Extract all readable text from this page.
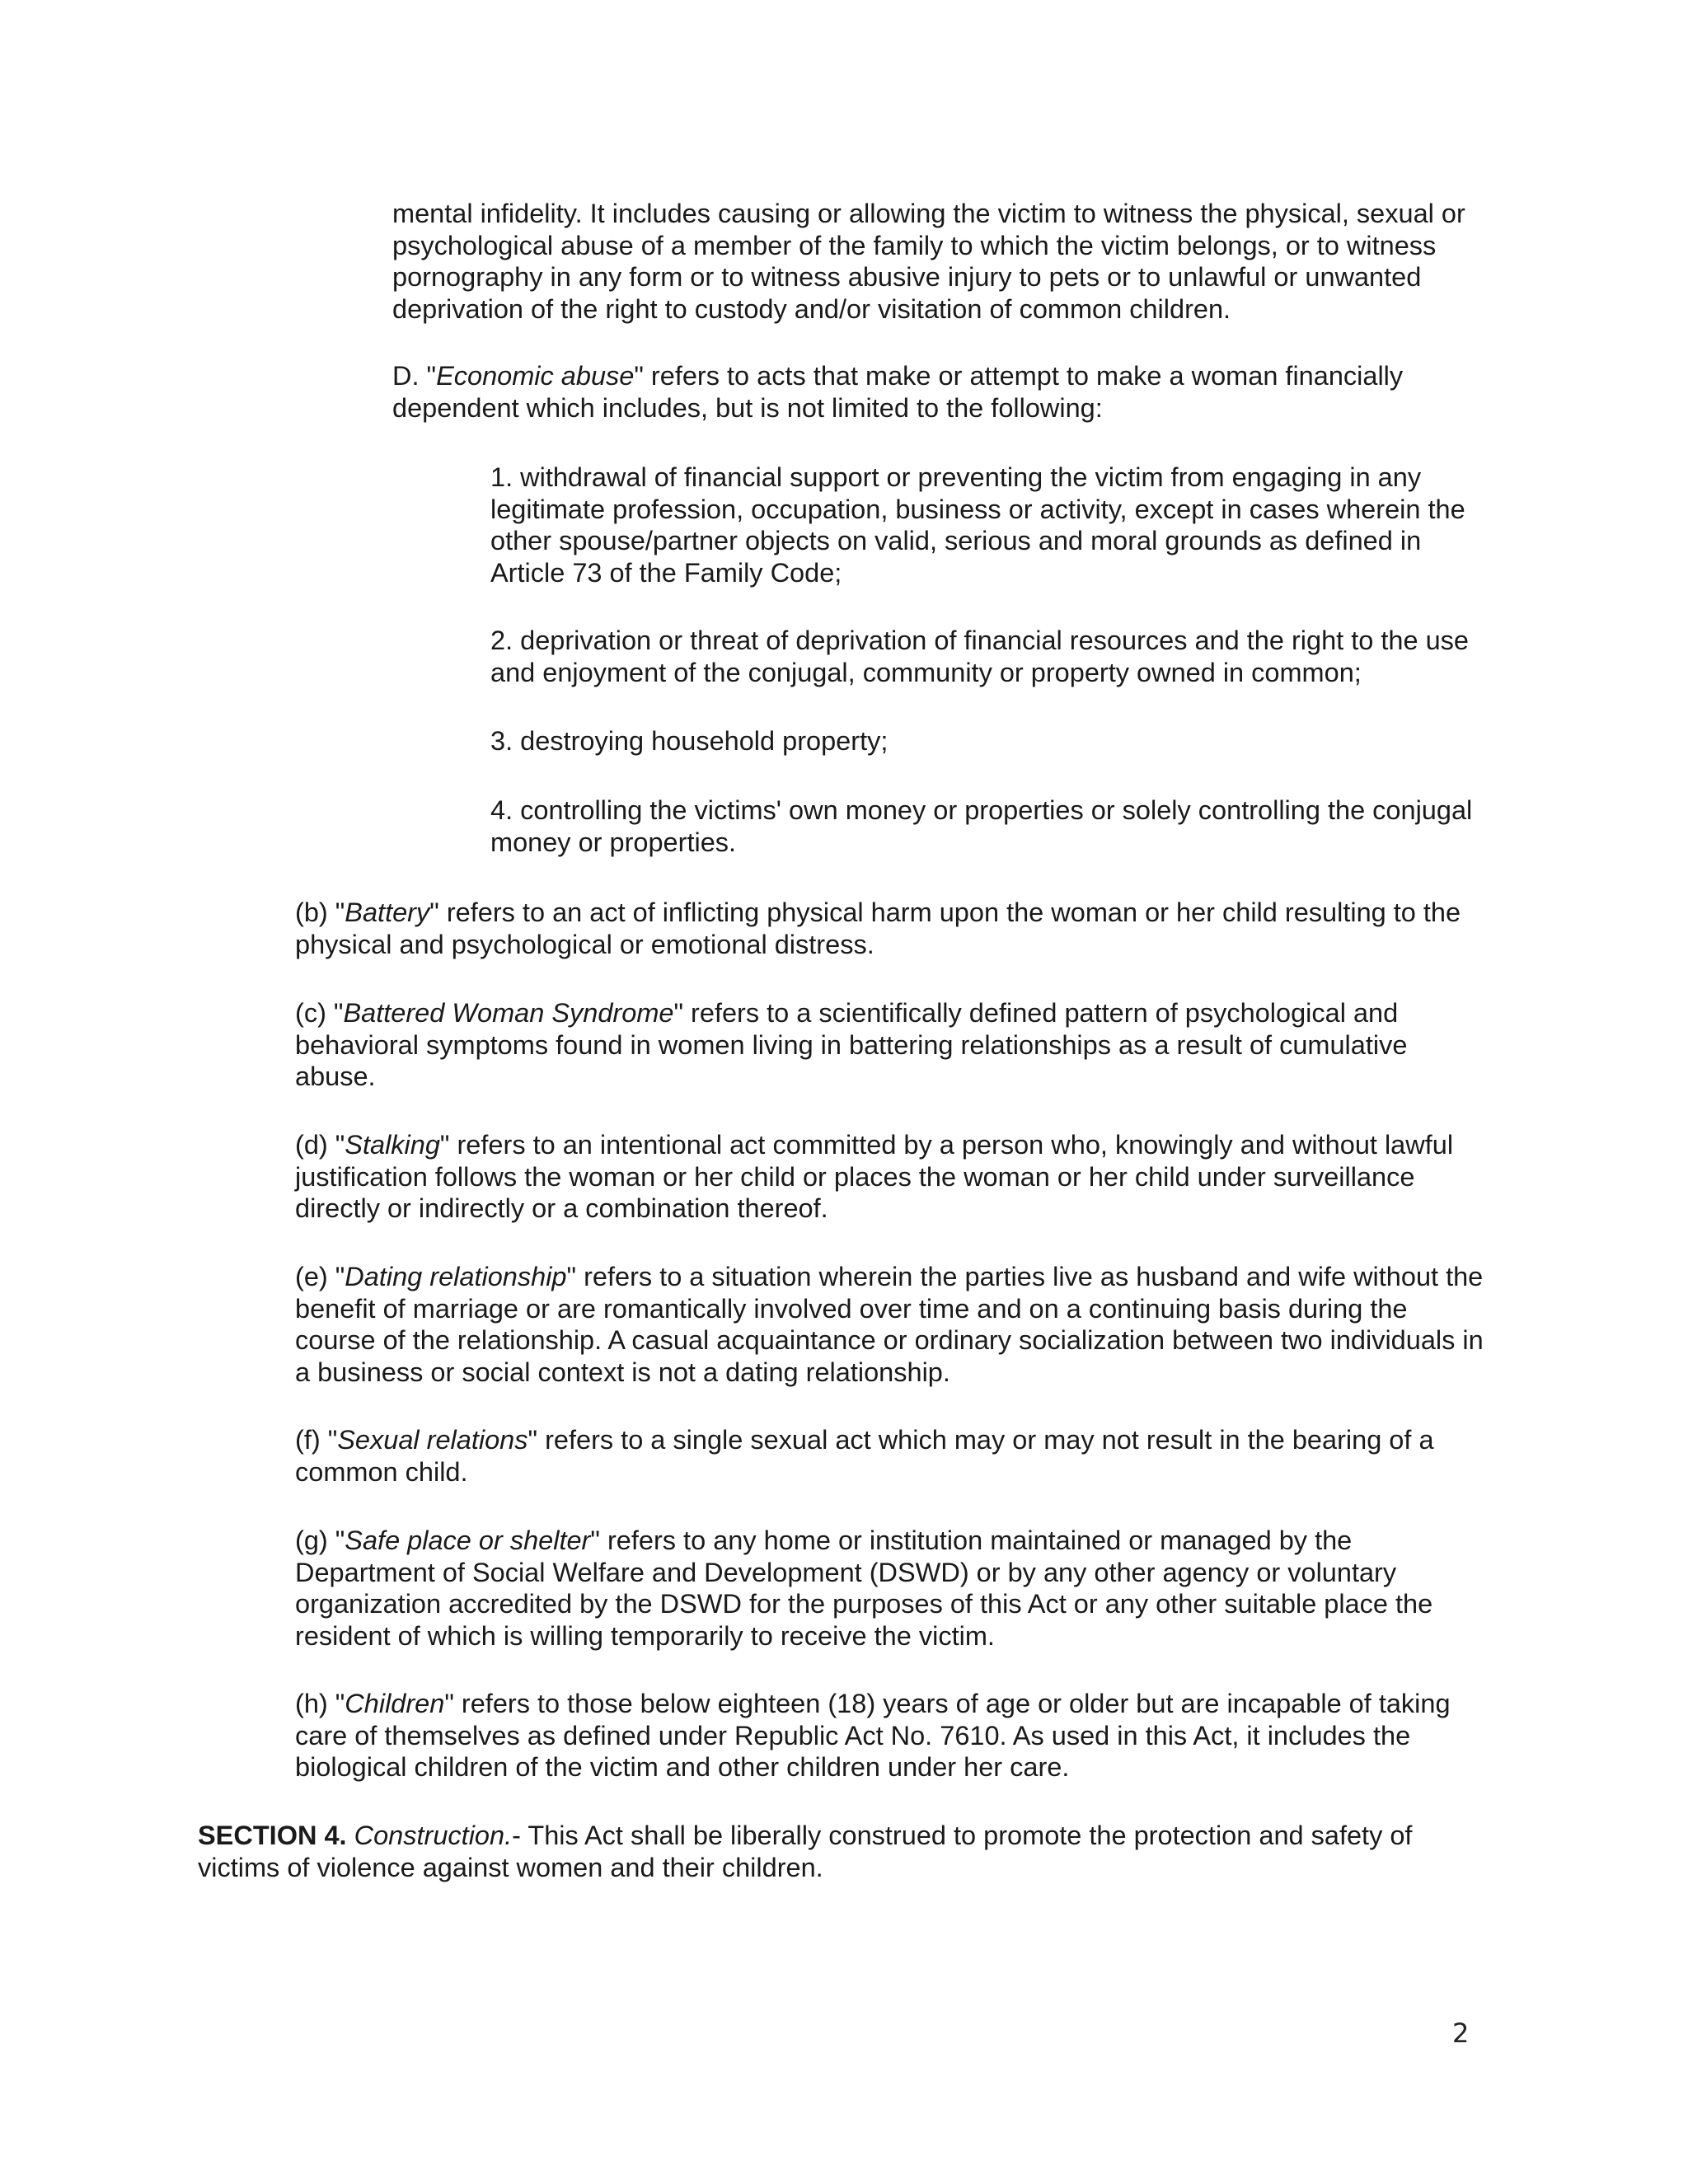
mental infidelity. It includes causing or allowing the victim to witness the physical, sexual or psychological abuse of a member of the family to which the victim belongs, or to witness pornography in any form or to witness abusive injury to pets or to unlawful or unwanted deprivation of the right to custody and/or visitation of common children.

D. "Economic abuse" refers to acts that make or attempt to make a woman financially dependent which includes, but is not limited to the following:

1. withdrawal of financial support or preventing the victim from engaging in any legitimate profession, occupation, business or activity, except in cases wherein the other spouse/partner objects on valid, serious and moral grounds as defined in Article 73 of the Family Code;

2. deprivation or threat of deprivation of financial resources and the right to the use and enjoyment of the conjugal, community or property owned in common;

3. destroying household property;

4. controlling the victims' own money or properties or solely controlling the conjugal money or properties.

(b) "Battery" refers to an act of inflicting physical harm upon the woman or her child resulting to the physical and psychological or emotional distress.

(c) "Battered Woman Syndrome" refers to a scientifically defined pattern of psychological and behavioral symptoms found in women living in battering relationships as a result of cumulative abuse.

(d) "Stalking" refers to an intentional act committed by a person who, knowingly and without lawful justification follows the woman or her child or places the woman or her child under surveillance directly or indirectly or a combination thereof.

(e) "Dating relationship" refers to a situation wherein the parties live as husband and wife without the benefit of marriage or are romantically involved over time and on a continuing basis during the course of the relationship. A casual acquaintance or ordinary socialization between two individuals in a business or social context is not a dating relationship.

(f) "Sexual relations" refers to a single sexual act which may or may not result in the bearing of a common child.

(g) "Safe place or shelter" refers to any home or institution maintained or managed by the Department of Social Welfare and Development (DSWD) or by any other agency or voluntary organization accredited by the DSWD for the purposes of this Act or any other suitable place the resident of which is willing temporarily to receive the victim.

(h) "Children" refers to those below eighteen (18) years of age or older but are incapable of taking care of themselves as defined under Republic Act No. 7610. As used in this Act, it includes the biological children of the victim and other children under her care.

SECTION 4. Construction.- This Act shall be liberally construed to promote the protection and safety of victims of violence against women and their children.

2
